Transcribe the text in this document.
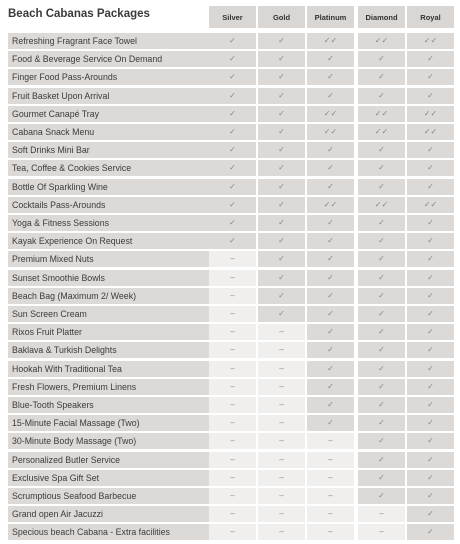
Beach Cabanas Packages	Silver	Gold	Platinum	Diamond	Royal
Refreshing Fragrant Face Towel	✓	✓	✓✓	✓✓	✓✓
Food & Beverage Service On Demand	✓	✓	✓	✓	✓
Finger Food Pass-Arounds	✓	✓	✓	✓	✓
Fruit Basket Upon Arrival	✓	✓	✓	✓	✓
Gourmet Canapé Tray	✓	✓	✓✓	✓✓	✓✓
Cabana Snack Menu	✓	✓	✓✓	✓✓	✓✓
Soft Drinks Mini Bar	✓	✓	✓	✓	✓
Tea, Coffee & Cookies Service	✓	✓	✓	✓	✓
Bottle Of Sparkling Wine	✓	✓	✓	✓	✓
Cocktails Pass-Arounds	✓	✓	✓✓	✓✓	✓✓
Yoga & Fitness Sessions	✓	✓	✓	✓	✓
Kayak Experience On Request	✓	✓	✓	✓	✓
Premium Mixed Nuts	–	✓	✓	✓	✓
Sunset Smoothie Bowls	–	✓	✓	✓	✓
Beach Bag (Maximum 2/ Week)	–	✓	✓	✓	✓
Sun Screen Cream	–	✓	✓	✓	✓
Rixos Fruit Platter	–	–	✓	✓	✓
Baklava & Turkish Delights	–	–	✓	✓	✓
Hookah With Traditional Tea	–	–	✓	✓	✓
Fresh Flowers, Premium Linens	–	–	✓	✓	✓
Blue-Tooth Speakers	–	–	✓	✓	✓
15-Minute Facial Massage (Two)	–	–	✓	✓	✓
30-Minute Body Massage (Two)	–	–	–	✓	✓
Personalized Butler Service	–	–	–	✓	✓
Exclusive Spa Gift Set	–	–	–	✓	✓
Scrumptious Seafood Barbecue	–	–	–	✓	✓
Grand open Air Jacuzzi	–	–	–	–	✓
Specious beach Cabana - Extra facilities	–	–	–	–	✓
